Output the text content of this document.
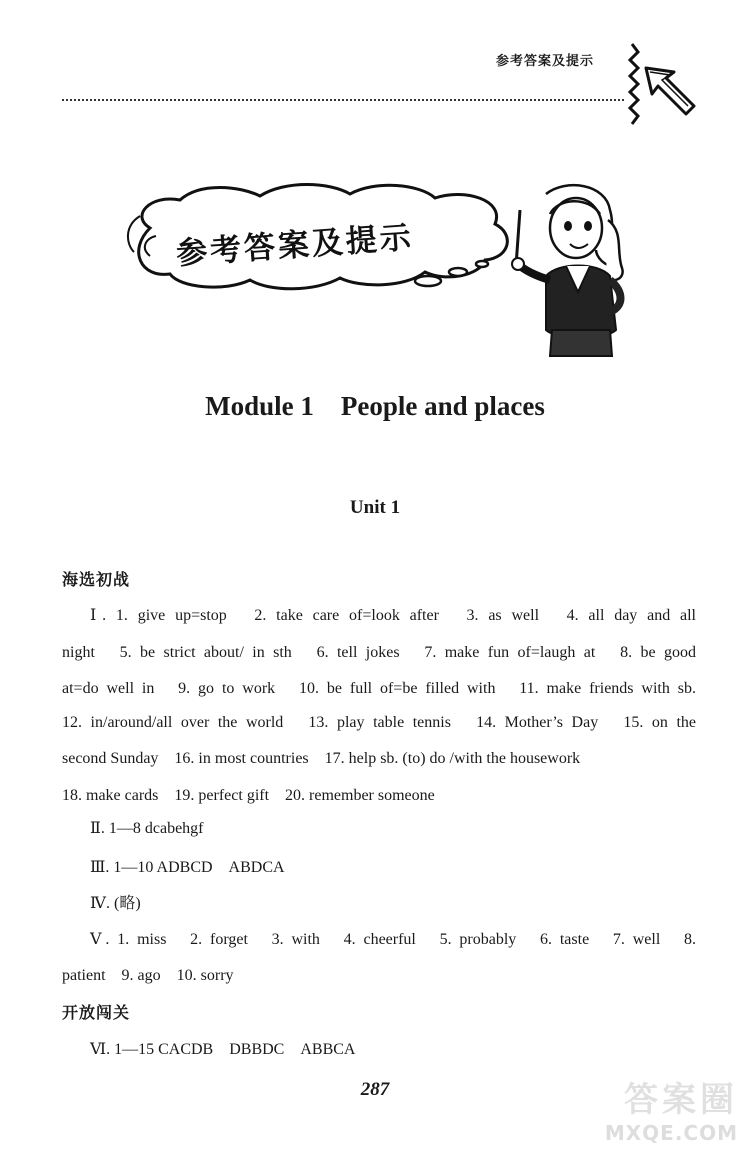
参考答案及提示
参考答案及提示
Module 1　People and places
Unit 1
海选初战
Ⅰ. 1. give up=stop　2. take care of=look after　3. as well　4. all day and all
night　5. be strict about/ in sth　6. tell jokes　7. make fun of=laugh at　8. be good
at=do well in　9. go to work　10. be full of=be filled with　11. make friends with sb.
12. in/around/all over the world　13. play table tennis　14. Mother’s Day　15. on the
second Sunday　16. in most countries　17. help sb. (to) do /with the housework
18. make cards　19. perfect gift　20. remember someone
Ⅱ. 1—8 dcabehgf
Ⅲ. 1—10 ADBCD　ABDCA
Ⅳ. (略)
Ⅴ. 1. miss　2. forget　3. with　4. cheerful　5. probably　6. taste　7. well　8.
patient　9. ago　10. sorry
开放闯关
Ⅵ. 1—15 CACDB　DBBDC　ABBCA
287	答案圈
MXQE.COM
